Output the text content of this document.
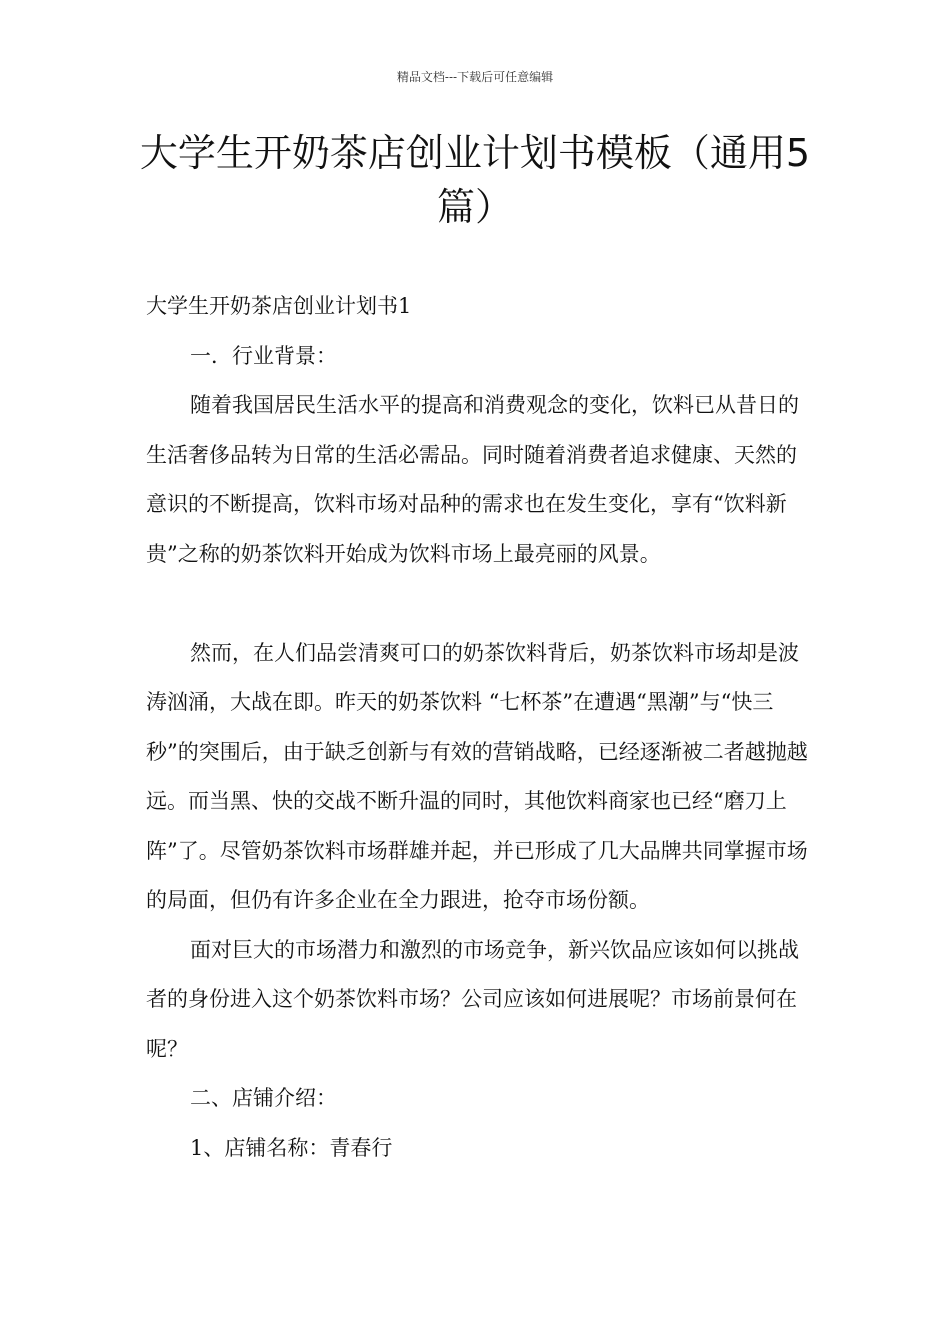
精品文档---下载后可任意编辑
大学生开奶茶店创业计划书模板（通用5篇）

大学生开奶茶店创业计划书1

一．行业背景：

随着我国居民生活水平的提高和消费观念的变化，饮料已从昔日的生活奢侈品转为日常的生活必需品。同时随着消费者追求健康、天然的意识的不断提高，饮料市场对品种的需求也在发生变化，享有“饮料新贵”之称的奶茶饮料开始成为饮料市场上最亮丽的风景。

然而，在人们品尝清爽可口的奶茶饮料背后，奶茶饮料市场却是波涛汹涌，大战在即。昨天的奶茶饮料 “七杯茶”在遭遇“黑潮”与“快三秒”的突围后，由于缺乏创新与有效的营销战略，已经逐渐被二者越抛越远。而当黑、快的交战不断升温的同时，其他饮料商家也已经“磨刀上阵”了。尽管奶茶饮料市场群雄并起，并已形成了几大品牌共同掌握市场的局面，但仍有许多企业在全力跟进，抢夺市场份额。

面对巨大的市场潜力和激烈的市场竞争，新兴饮品应该如何以挑战者的身份进入这个奶茶饮料市场？公司应该如何进展呢？市场前景何在呢？

二、店铺介绍：

1、店铺名称：青春行
